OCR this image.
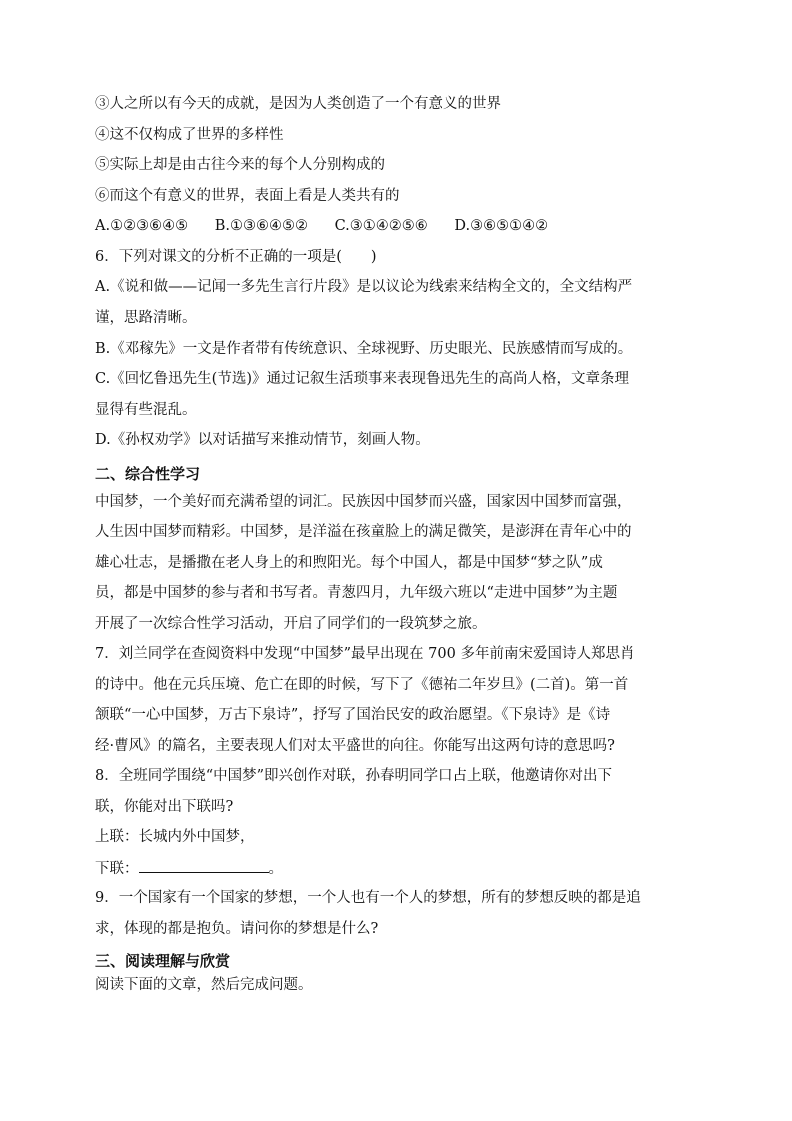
③人之所以有今天的成就，是因为人类创造了一个有意义的世界
④这不仅构成了世界的多样性
⑤实际上却是由古往今来的每个人分别构成的
⑥而这个有意义的世界，表面上看是人类共有的
A.①②③⑥④⑤ B.①③⑥④⑤② C.③①④②⑤⑥ D.③⑥⑤①④②
6．下列对课文的分析不正确的一项是(　　)
A.《说和做——记闻一多先生言行片段》是以议论为线索来结构全文的，全文结构严
谨，思路清晰。
B.《邓稼先》一文是作者带有传统意识、全球视野、历史眼光、民族感情而写成的。
C.《回忆鲁迅先生(节选)》通过记叙生活琐事来表现鲁迅先生的高尚人格，文章条理
显得有些混乱。
D.《孙权劝学》以对话描写来推动情节，刻画人物。
二、综合性学习
中国梦，一个美好而充满希望的词汇。民族因中国梦而兴盛，国家因中国梦而富强，
人生因中国梦而精彩。中国梦，是洋溢在孩童脸上的满足微笑，是澎湃在青年心中的
雄心壮志，是播撒在老人身上的和煦阳光。每个中国人，都是中国梦“梦之队”成
员，都是中国梦的参与者和书写者。青葱四月，九年级六班以“走进中国梦”为主题
开展了一次综合性学习活动，开启了同学们的一段筑梦之旅。
7．刘兰同学在查阅资料中发现“中国梦”最早出现在 700 多年前南宋爱国诗人郑思肖
的诗中。他在元兵压境、危亡在即的时候，写下了《德祐二年岁旦》(二首)。第一首
颔联“一心中国梦，万古下泉诗”，抒写了国治民安的政治愿望。《下泉诗》是《诗
经·曹风》的篇名，主要表现人们对太平盛世的向往。你能写出这两句诗的意思吗?
8．全班同学围绕“中国梦”即兴创作对联，孙春明同学口占上联，他邀请你对出下
联，你能对出下联吗?
上联：长城内外中国梦，
下联：	。
9．一个国家有一个国家的梦想，一个人也有一个人的梦想，所有的梦想反映的都是追
求，体现的都是抱负。请问你的梦想是什么?
三、阅读理解与欣赏
阅读下面的文章，然后完成问题。
